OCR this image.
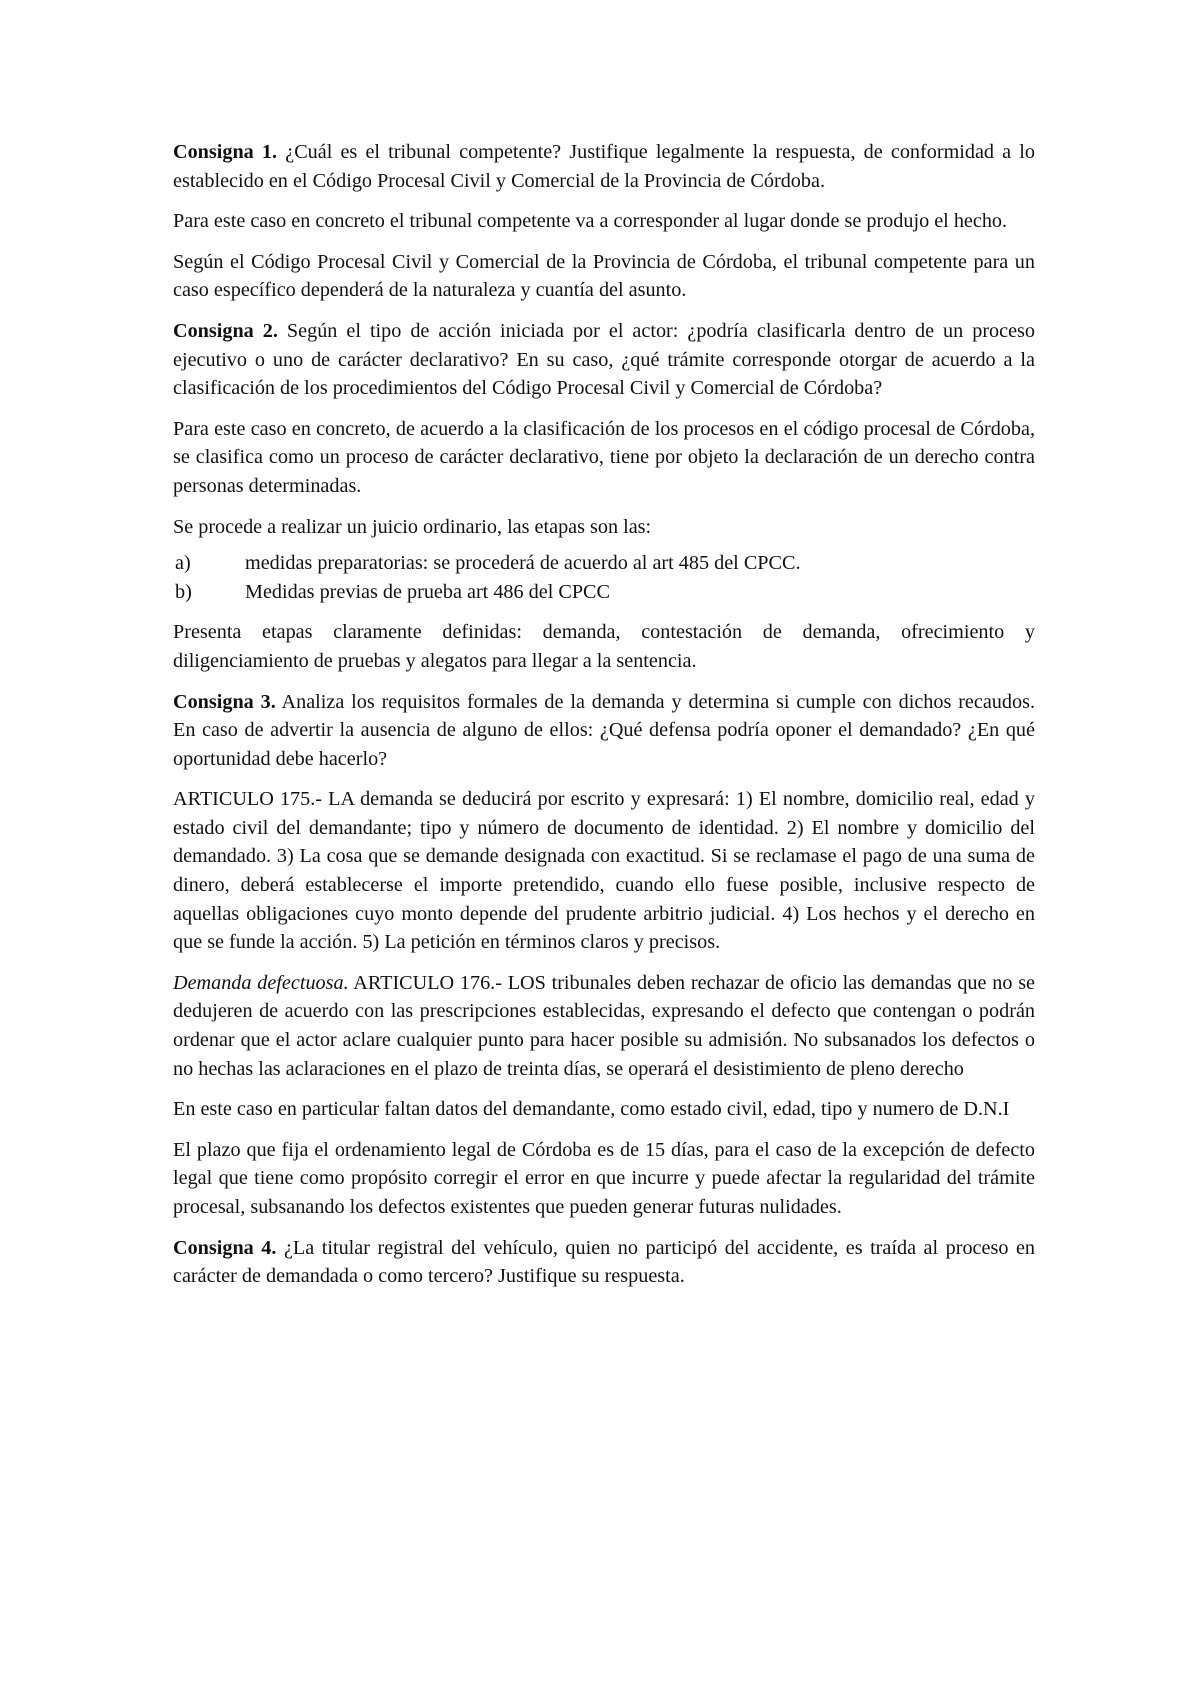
Consigna 1. ¿Cuál es el tribunal competente? Justifique legalmente la respuesta, de conformidad a lo establecido en el Código Procesal Civil y Comercial de la Provincia de Córdoba.

Para este caso en concreto el tribunal competente va a corresponder al lugar donde se produjo el hecho.

Según el Código Procesal Civil y Comercial de la Provincia de Córdoba, el tribunal competente para un caso específico dependerá de la naturaleza y cuantía del asunto.

Consigna 2. Según el tipo de acción iniciada por el actor: ¿podría clasificarla dentro de un proceso ejecutivo o uno de carácter declarativo? En su caso, ¿qué trámite corresponde otorgar de acuerdo a la clasificación de los procedimientos del Código Procesal Civil y Comercial de Córdoba?

Para este caso en concreto, de acuerdo a la clasificación de los procesos en el código procesal de Córdoba, se clasifica como un proceso de carácter declarativo, tiene por objeto la declaración de un derecho contra personas determinadas.

Se procede a realizar un juicio ordinario, las etapas son las:

a)	medidas preparatorias: se procederá de acuerdo al art 485 del CPCC.
b)	Medidas previas de prueba art 486 del CPCC

Presenta etapas claramente definidas: demanda, contestación de demanda, ofrecimiento y diligenciamiento de pruebas y alegatos para llegar a la sentencia.

Consigna 3. Analiza los requisitos formales de la demanda y determina si cumple con dichos recaudos. En caso de advertir la ausencia de alguno de ellos: ¿Qué defensa podría oponer el demandado? ¿En qué oportunidad debe hacerlo?

ARTICULO 175.- LA demanda se deducirá por escrito y expresará: 1) El nombre, domicilio real, edad y estado civil del demandante; tipo y número de documento de identidad. 2) El nombre y domicilio del demandado. 3) La cosa que se demande designada con exactitud. Si se reclamase el pago de una suma de dinero, deberá establecerse el importe pretendido, cuando ello fuese posible, inclusive respecto de aquellas obligaciones cuyo monto depende del prudente arbitrio judicial. 4) Los hechos y el derecho en que se funde la acción. 5) La petición en términos claros y precisos.

Demanda defectuosa. ARTICULO 176.- LOS tribunales deben rechazar de oficio las demandas que no se dedujeren de acuerdo con las prescripciones establecidas, expresando el defecto que contengan o podrán ordenar que el actor aclare cualquier punto para hacer posible su admisión. No subsanados los defectos o no hechas las aclaraciones en el plazo de treinta días, se operará el desistimiento de pleno derecho

En este caso en particular faltan datos del demandante, como estado civil, edad, tipo y numero de D.N.I

El plazo que fija el ordenamiento legal de Córdoba es de 15 días, para el caso de la excepción de defecto legal que tiene como propósito corregir el error en que incurre y puede afectar la regularidad del trámite procesal, subsanando los defectos existentes que pueden generar futuras nulidades.

Consigna 4. ¿La titular registral del vehículo, quien no participó del accidente, es traída al proceso en carácter de demandada o como tercero? Justifique su respuesta.
